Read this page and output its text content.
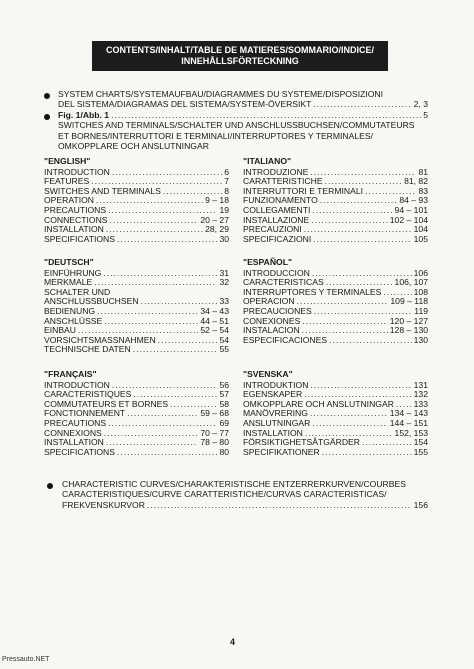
CONTENTS/INHALT/TABLE DE MATIERES/SOMMARIO/INDICE/
INNEHÅLLSFÖRTECKNING
SYSTEM CHARTS/SYSTEMAUFBAU/DIAGRAMMES DU SYSTEME/DISPOSIZIONI
DEL SISTEMA/DIAGRAMAS DEL SISTEMA/SYSTEM-ÖVERSIKT .....	2, 3
Fig. 1/Abb. 1 .....	5
SWITCHES AND TERMINALS/SCHALTER UND ANSCHLUSSBUCHSEN/COMMUTATEURS
ET BORNES/INTERRUTTORI E TERMINALI/INTERRUPTORES Y TERMINALES/
OMKOPPLARE OCH ANSLUTNINGAR
"ENGLISH"
INTRODUCTION .....	6
FEATURES .....	7
SWITCHES AND TERMINALS .....	8
OPERATION .....	9 – 18
PRECAUTIONS .....	19
CONNECTIONS .....	20 – 27
INSTALLATION .....	28, 29
SPECIFICATIONS .....	30
"ITALIANO"
INTRODUZIONE .....	81
CARATTERISTICHE .....	81, 82
INTERRUTTORI E TERMINALI .....	83
FUNZIONAMENTO .....	84 – 93
COLLEGAMENTI .....	94 – 101
INSTALLAZIONE .....	102 – 104
PRECAUZIONI .....	104
SPECIFICAZIONI .....	105
"DEUTSCH"
EINFÜHRUNG .....	31
MERKMALE .....	32
SCHALTER UND
ANSCHLUSSBUCHSEN .....	33
BEDIENUNG .....	34 – 43
ANSCHLÜSSE .....	44 – 51
EINBAU .....	52 – 54
VORSICHTSMASSNAHMEN .....	54
TECHNISCHE DATEN .....	55
"ESPAÑOL"
INTRODUCCION .....	106
CARACTERISTICAS .....	106, 107
INTERRUPTORES Y TERMINALES .....	108
OPERACION .....	109 – 118
PRECAUCIONES .....	119
CONEXIONES .....	120 – 127
INSTALACION .....	128 – 130
ESPECIFICACIONES .....	130
"FRANÇAIS"
INTRODUCTION .....	56
CARACTERISTIQUES .....	57
COMMUTATEURS ET BORNES .....	58
FONCTIONNEMENT .....	59 – 68
PRECAUTIONS .....	69
CONNEXIONS .....	70 – 77
INSTALLATION .....	78 – 80
SPECIFICATIONS .....	80
"SVENSKA"
INTRODUKTION .....	131
EGENSKAPER .....	132
OMKOPPLARE OCH ANSLUTNINGAR ..... 133
MANÖVRERING .....	134 – 143
ANSLUTNINGAR .....	144 – 151
INSTALLATION .....	152, 153
FÖRSIKTIGHETSÅTGÄRDER .....	154
SPECIFIKATIONER .....	155
CHARACTERISTIC CURVES/CHARAKTERISTISCHE ENTZERRERKURVEN/COURBES
CARACTERISTIQUES/CURVE CARATTERISTICHE/CURVAS CARACTERISTICAS/
FREKVENSKURVOR .....	156
4
Pressauto.NET
